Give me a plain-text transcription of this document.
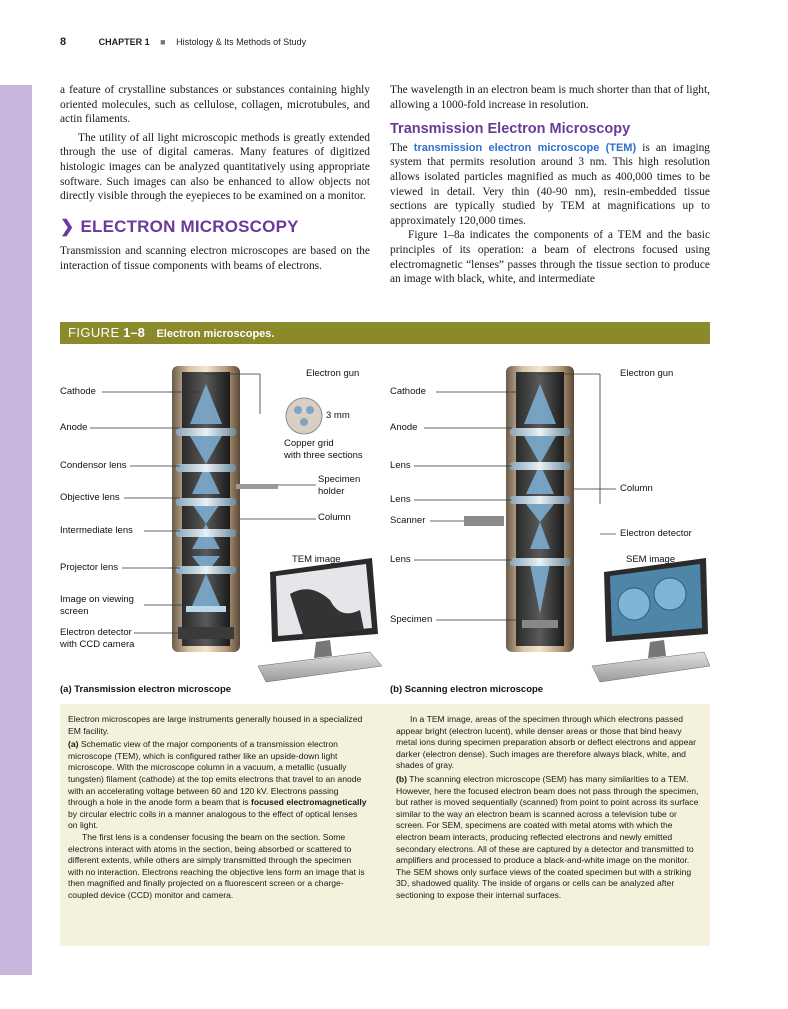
8	CHAPTER 1 ■ Histology & Its Methods of Study

a feature of crystalline substances or substances containing highly oriented molecules, such as cellulose, collagen, microtubules, and actin filaments.

The utility of all light microscopic methods is greatly extended through the use of digital cameras. Many features of digitized histologic images can be analyzed quantitatively using appropriate software. Such images can also be enhanced to allow objects not directly visible through the eyepieces to be examined on a monitor.

❯ ELECTRON MICROSCOPY

Transmission and scanning electron microscopes are based on the interaction of tissue components with beams of electrons.

The wavelength in an electron beam is much shorter than that of light, allowing a 1000-fold increase in resolution.

Transmission Electron Microscopy

The transmission electron microscope (TEM) is an imaging system that permits resolution around 3 nm. This high resolution allows isolated particles magnified as much as 400,000 times to be viewed in detail. Very thin (40-90 nm), resin-embedded tissue sections are typically studied by TEM at magnifications up to approximately 120,000 times.

Figure 1–8a indicates the components of a TEM and the basic principles of its operation: a beam of electrons focused using electromagnetic “lenses” passes through the tissue section to produce an image with black, white, and intermediate

FIGURE 1–8 Electron microscopes.
Cathode
Anode
Condensor lens
Objective lens
Intermediate lens
Projector lens
Image on viewing
screen
Electron detector
with CCD camera
Electron gun
3 mm
Copper grid
with three sections
Specimen
holder
Column
TEM image
Cathode
Anode
Lens
Lens
Scanner
Lens
Specimen
Electron gun
Column
Electron detector
SEM image
(a) Transmission electron microscope	(b) Scanning electron microscope

Electron microscopes are large instruments generally housed in a specialized EM facility.

(a) Schematic view of the major components of a transmission electron microscope (TEM), which is configured rather like an upside-down light microscope. With the microscope column in a vacuum, a metallic (usually tungsten) filament (cathode) at the top emits electrons that travel to an anode with an accelerating voltage between 60 and 120 kV. Electrons passing through a hole in the anode form a beam that is focused electromagnetically by circular electric coils in a manner analogous to the effect of optical lenses on light.

The first lens is a condenser focusing the beam on the section. Some electrons interact with atoms in the section, being absorbed or scattered to different extents, while others are simply transmitted through the specimen with no interaction. Electrons reaching the objective lens form an image that is then magnified and finally projected on a fluorescent screen or a charge-coupled device (CCD) monitor and camera.

In a TEM image, areas of the specimen through which electrons passed appear bright (electron lucent), while denser areas or those that bind heavy metal ions during specimen preparation absorb or deflect electrons and appear darker (electron dense). Such images are therefore always black, white, and shades of gray.

(b) The scanning electron microscope (SEM) has many similarities to a TEM. However, here the focused electron beam does not pass through the specimen, but rather is moved sequentially (scanned) from point to point across its surface similar to the way an electron beam is scanned across a television tube or screen. For SEM, specimens are coated with metal atoms with which the electron beam interacts, producing reflected electrons and newly emitted secondary electrons. All of these are captured by a detector and transmitted to amplifiers and processed to produce a black-and-white image on the monitor. The SEM shows only surface views of the coated specimen but with a striking 3D, shadowed quality. The inside of organs or cells can be analyzed after sectioning to expose their internal surfaces.
